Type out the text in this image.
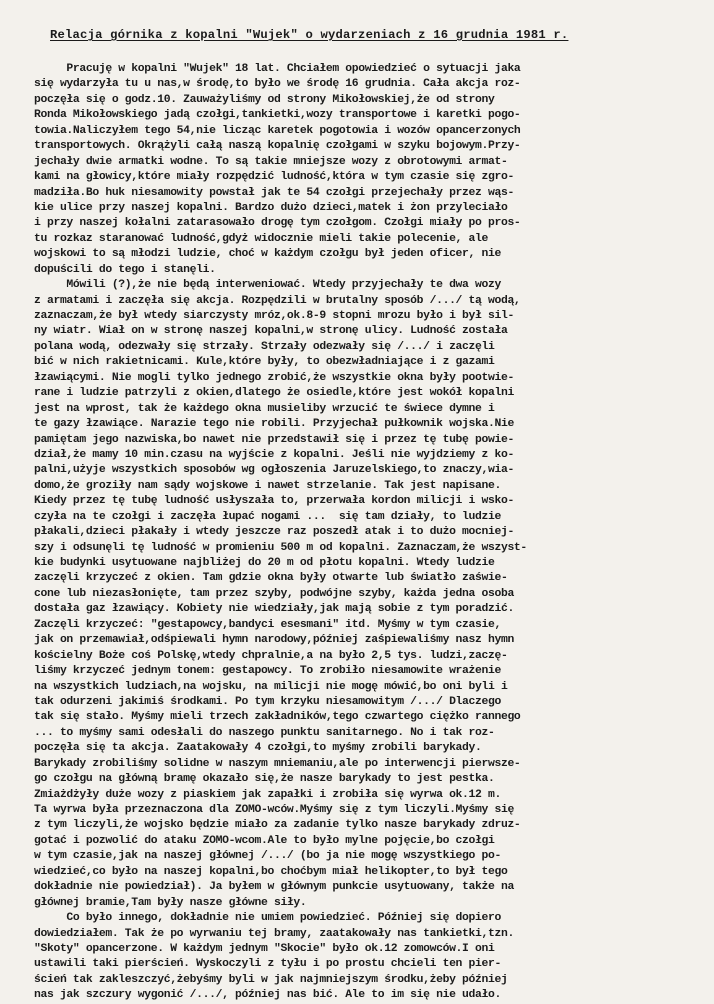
Relacja górnika z kopalni "Wujek" o wydarzeniach z 16 grudnia 1981 r.
Pracuję w kopalni "Wujek" 18 lat. Chciałem opowiedzieć o sytuacji jaka
się wydarzyła tu u nas,w środę,to było we środę 16 grudnia. Cała akcja roz-
poczęła się o godz.10. Zauważyliśmy od strony Mikołowskiej,że od strony
Ronda Mikołowskiego jadą czołgi,tankietki,wozy transportowe i karetki pogo-
towia.Naliczyłem tego 54,nie licząc karetek pogotowia i wozów opancerzonych
transportowych. Okrążyli całą naszą kopalnię czołgami w szyku bojowym.Przy-
jechały dwie armatki wodne. To są takie mniejsze wozy z obrotowymi armat-
kami na głowicy,które miały rozpędzić ludność,która w tym czasie się zgro-
madziła.Bo huk niesamowity powstał jak te 54 czołgi przejechały przez wąs-
kie ulice przy naszej kopalni. Bardzo dużo dzieci,matek i żon przyleciało
i przy naszej kołalni zatarasowało drogę tym czołgom. Czołgi miały po pros-
tu rozkaz staranować ludność,gdyż widocznie mieli takie polecenie, ale
wojskowi to są młodzi ludzie, choć w każdym czołgu był jeden oficer, nie
dopuścili do tego i stanęli.
Mówili (?),że nie będą interweniować. Wtedy przyjechały te dwa wozy
z armatami i zaczęła się akcja. Rozpędzili w brutalny sposób /.../ tą wodą,
zaznaczam,że był wtedy siarczysty mróz,ok.8-9 stopni mrozu było i był sil-
ny wiatr. Wiał on w stronę naszej kopalni,w stronę ulicy. Ludność została
polana wodą, odezwały się strzały. Strzały odezwały się /.../ i zaczęli
bić w nich rakietnicami. Kule,które były, to obezwładniające i z gazami
łzawiącymi. Nie mogli tylko jednego zrobić,że wszystkie okna były pootwie-
rane i ludzie patrzyli z okien,dlatego że osiedle,które jest wokół kopalni
jest na wprost, tak że każdego okna musieliby wrzucić te świece dymne i
te gazy łzawiące. Narazie tego nie robili. Przyjechał pułkownik wojska.Nie
pamiętam jego nazwiska,bo nawet nie przedstawił się i przez tę tubę powie-
dział,że mamy 10 min.czasu na wyjście z kopalni. Jeśli nie wyjdziemy z ko-
palni,użyje wszystkich sposobów wg ogłoszenia Jaruzelskiego,to znaczy,wia-
domo,że groziły nam sądy wojskowe i nawet strzelanie. Tak jest napisane.
Kiedy przez tę tubę ludność usłyszała to, przerwała kordon milicji i wsko-
czyła na te czołgi i zaczęła łupać nogami ...  się tam działy, to ludzie
płakali,dzieci płakały i wtedy jeszcze raz poszedł atak i to dużo mocniej-
szy i odsunęli tę ludność w promieniu 500 m od kopalni. Zaznaczam,że wszyst-
kie budynki usytuowane najbliżej do 20 m od płotu kopalni. Wtedy ludzie
zaczęli krzyczeć z okien. Tam gdzie okna były otwarte lub światło zaświe-
cone lub niezasłonięte, tam przez szyby, podwójne szyby, każda jedna osoba
dostała gaz łzawiący. Kobiety nie wiedziały,jak mają sobie z tym poradzić.
Zaczęli krzyczeć: "gestapowcy,bandyci esesmani" itd. Myśmy w tym czasie,
jak on przemawiał,odśpiewali hymn narodowy,później zaśpiewaliśmy nasz hymn
kościelny Boże coś Polskę,wtedy chpralnie,a na było 2,5 tys. ludzi,zaczę-
liśmy krzyczeć jednym tonem: gestapowcy. To zrobiło niesamowite wrażenie
na wszystkich ludziach,na wojsku, na milicji nie mogę mówić,bo oni byli i
tak odurzeni jakimiś środkami. Po tym krzyku niesamowitym /.../ Dlaczego
tak się stało. Myśmy mieli trzech zakładników,tego czwartego ciężko rannego
... to myśmy sami odesłali do naszego punktu sanitarnego. No i tak roz-
poczęła się ta akcja. Zaatakowały 4 czołgi,to myśmy zrobili barykady.
Barykady zrobiliśmy solidne w naszym mniemaniu,ale po interwencji pierwsze-
go czołgu na główną bramę okazało się,że nasze barykady to jest pestka.
Zmiażdżyły duże wozy z piaskiem jak zapałki i zrobiła się wyrwa ok.12 m.
Ta wyrwa była przeznaczona dla ZOMO-wców.Myśmy się z tym liczyli.Myśmy się
z tym liczyli,że wojsko będzie miało za zadanie tylko nasze barykady zdruz-
gotać i pozwolić do ataku ZOMO-wcom.Ale to było mylne pojęcie,bo czołgi
w tym czasie,jak na naszej głównej /.../ (bo ja nie mogę wszystkiego po-
wiedzieć,co było na naszej kopalni,bo choćbym miał helikopter,to był tego
dokładnie nie powiedział). Ja byłem w głównym punkcie usytuowany, także na
głównej bramie,Tam były nasze główne siły.
Co było innego, dokładnie nie umiem powiedzieć. Później się dopiero
dowiedziałem. Tak że po wyrwaniu tej bramy, zaatakowały nas tankietki,tzn.
"Skoty" opancerzone. W każdym jednym "Skocie" było ok.12 zomowców.I oni
ustawili taki pierścień. Wyskoczyli z tyłu i po prostu chcieli ten pier-
ścień tak zakleszczyć,żebyśmy byli w jak najmniejszym środku,żeby później
nas jak szczury wygonić /.../, później nas bić. Ale to im się nie udało.
